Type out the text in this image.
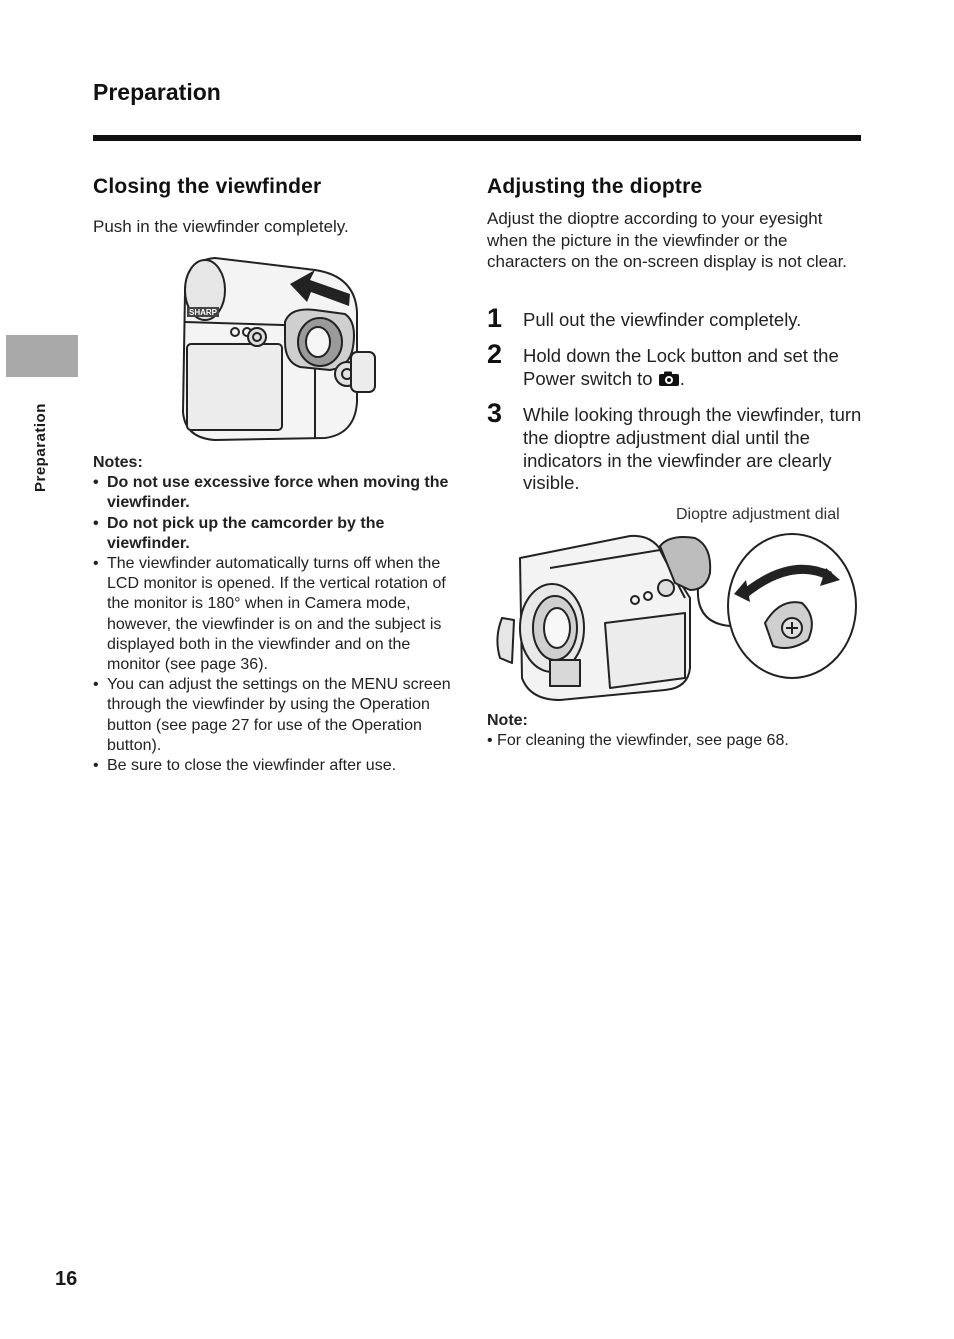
Preparation
Preparation
Closing the viewfinder
Push in the viewfinder completely.
SHARP
Notes:
• Do not use excessive force when moving the viewfinder.
• Do not pick up the camcorder by the viewfinder.
• The viewfinder automatically turns off when the LCD monitor is opened. If the vertical rotation of the monitor is 180° when in Camera mode, however, the viewfinder is on and the subject is displayed both in the viewfinder and on the monitor (see page 36).
• You can adjust the settings on the MENU screen through the viewfinder by using the Operation button (see page 27 for use of the Operation button).
• Be sure to close the viewfinder after use.
Adjusting the dioptre
Adjust the dioptre according to your eyesight when the picture in the viewfinder or the characters on the on-screen display is not clear.
1 Pull out the viewfinder completely.
2 Hold down the Lock button and set the Power switch to .
3 While looking through the viewfinder, turn the dioptre adjustment dial until the indicators in the viewfinder are clearly visible.
Dioptre adjustment dial
Note:
• For cleaning the viewfinder, see page 68.
16
